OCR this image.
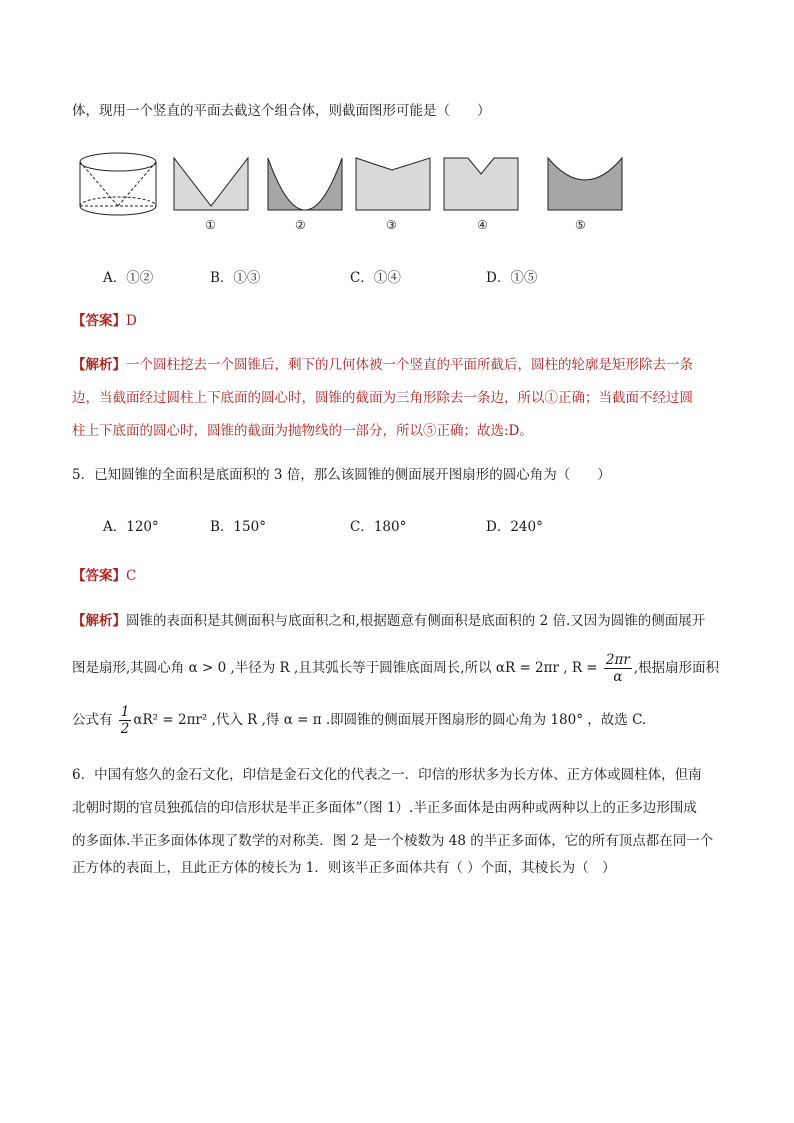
体，现用一个竖直的平面去截这个组合体，则截面图形可能是（　　）
①	②	③	④	⑤
A．①②	B．①③	C．①④	D．①⑤
【答案】D
【解析】一个圆柱挖去一个圆锥后，剩下的几何体被一个竖直的平面所截后，圆柱的轮廓是矩形除去一条
边，当截面经过圆柱上下底面的圆心时，圆锥的截面为三角形除去一条边，所以①正确；当截面不经过圆
柱上下底面的圆心时，圆锥的截面为抛物线的一部分，所以⑤正确；故选:D。
5．已知圆锥的全面积是底面积的 3 倍，那么该圆锥的侧面展开图扇形的圆心角为（　　）
A．120°	B．150°	C．180°	D．240°
【答案】C
【解析】圆锥的表面积是其侧面积与底面积之和,根据题意有侧面积是底面积的 2 倍.又因为圆锥的侧面展开
图是扇形,其圆心角 α > 0 ,半径为 R ,且其弧长等于圆锥底面周长,所以 αR = 2πr , $R = \frac{2\pi r}{\alpha}$ ,根据扇形面积
公式有 $\frac{1}{2} \alpha R^2 = 2\pi r^2$ ,代入 R ,得 α = π .即圆锥的侧面展开图扇形的圆心角为 180° ，故选 C.
6．中国有悠久的金石文化，印信是金石文化的代表之一．印信的形状多为长方体、正方体或圆柱体，但南
北朝时期的官员独孤信的印信形状是半正多面体”（图 1）.半正多面体是由两种或两种以上的正多边形围成
的多面体.半正多面体体现了数学的对称美．图 2 是一个棱数为 48 的半正多面体，它的所有顶点都在同一个
正方体的表面上，且此正方体的棱长为 1．则该半正多面体共有（ ）个面，其棱长为（　）
